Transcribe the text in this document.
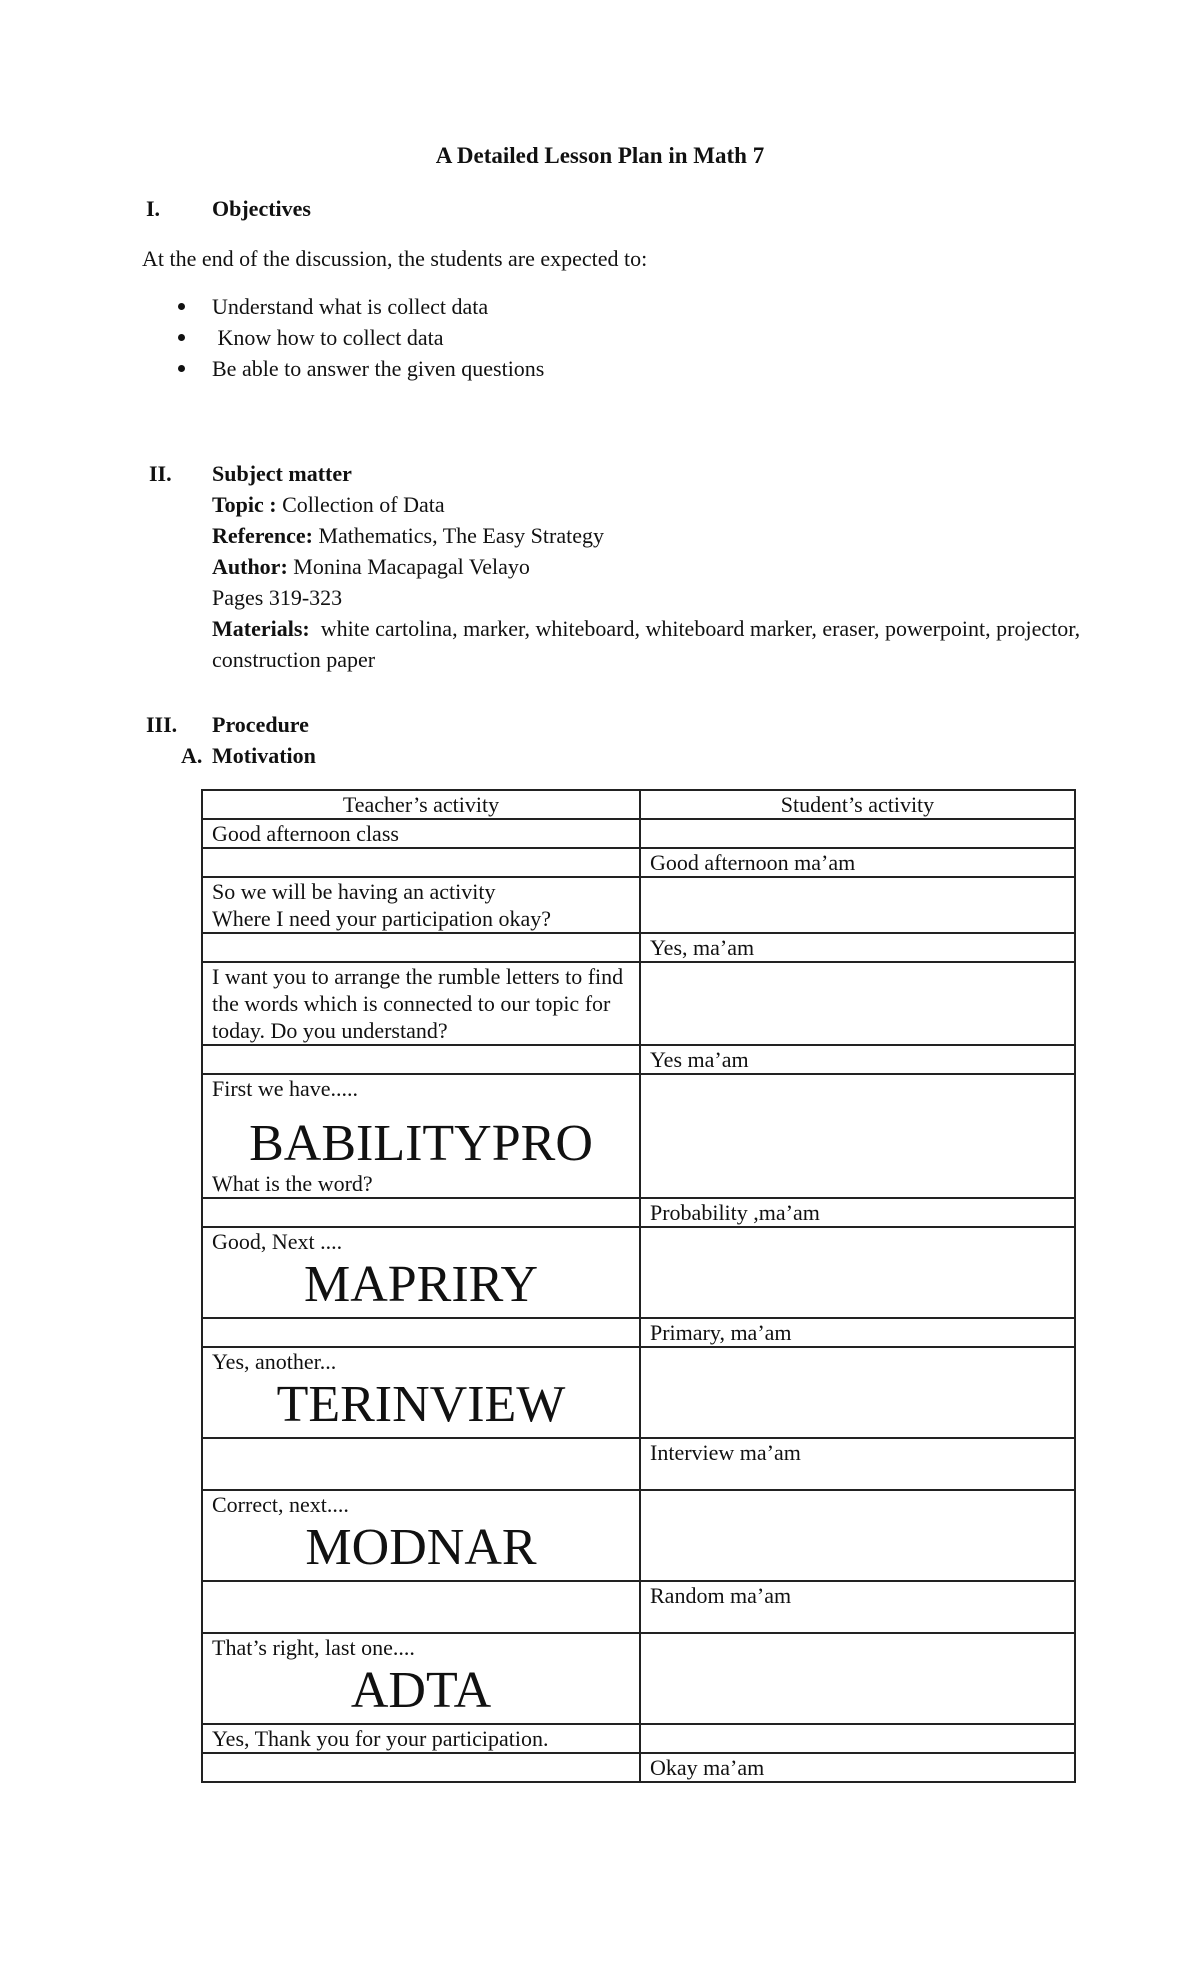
A Detailed Lesson Plan in Math 7
I. Objectives
At the end of the discussion, the students are expected to:
Understand what is collect data
Know how to collect data
Be able to answer the given questions
II. Subject matter
Topic : Collection of Data
Reference: Mathematics, The Easy Strategy
Author: Monina Macapagal Velayo
Pages 319-323
Materials:  white cartolina, marker, whiteboard, whiteboard marker, eraser, powerpoint, projector, construction paper
III. Procedure
A. Motivation
Teacher’s activity	Student’s activity

Good afternoon class	

	Good afternoon ma’am

So we will be having an activity
Where I need your participation okay?	

	Yes, ma’am

I want you to arrange the rumble letters to find the words which is connected to our topic for today. Do you understand?	

	Yes ma’am

First we have.....
BABILITYPRO
What is the word?	

	Probability ,ma’am

Good, Next ....
MAPRIRY	

	Primary, ma’am

Yes, another...
TERINVIEW	

	Interview ma’am

Correct, next....
MODNAR	

	Random ma’am

That’s right, last one....
ADTA	

Yes, Thank you for your participation.	

	Okay ma’am
